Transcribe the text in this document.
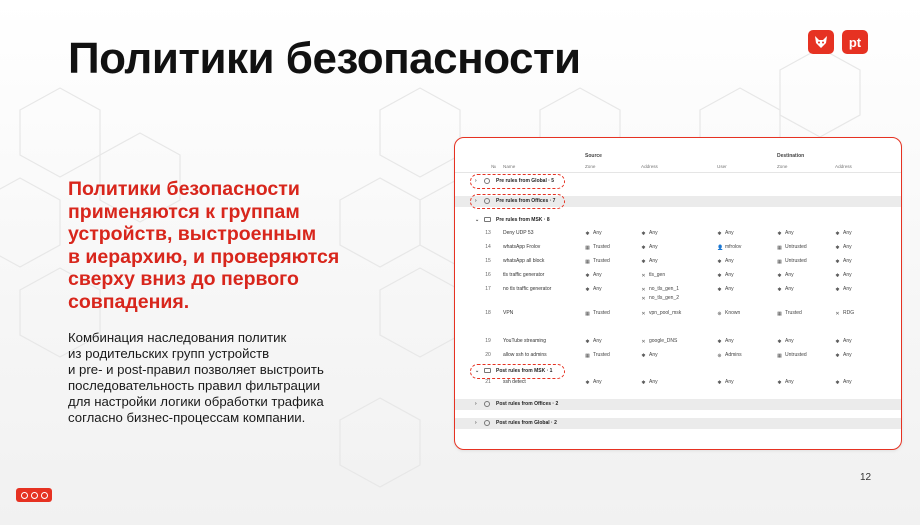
Политики безопасности	pt
Политики безопасности
применяются к группам
устройств, выстроенным
в иерархию, и проверяются
сверху вниз до первого
совпадения.
Комбинация наследования политик
из родительских групп устройств
и pre- и post-правил позволяет выстроить
последовательность правил фильтрации
для настройки логики обработки трафика
согласно бизнес-процессам компании.
Source	Destination
№ Name	Zone	Address	User	Zone	Address
›	Pre rules from Global · 5
›	Pre rules from Offices · 7
⌄	Pre rules from MSK · 8
13	Deny UDP 53	✱ Any	✱ Any	✱ Any	✱ Any	✱ Any
14	whatsApp Frolov	▦ Trusted	✱ Any	👤 mfrolov	▦ Untrusted	✱ Any
15	whatsApp all block	▦ Trusted	✱ Any	✱ Any	▦ Untrusted	✱ Any
16	tls traffic generator	✱ Any	✕ tls_gen	✱ Any	✱ Any	✱ Any
17	no tls traffic generator	✱ Any	✕ no_tls_gen_1
✕ no_tls_gen_2
✱ Any	✱ Any	✱ Any
18	VPN	▦ Trusted	✕ vpn_pool_msk	⊕ Known	▦ Trusted	✕ RDG
19	YouTube streaming	✱ Any	✕ google_DNS	✱ Any	✱ Any	✱ Any
20	allow ssh to admins	▦ Trusted	✱ Any	⊕ Admins	▦ Untrusted	✱ Any
21	ssh detect	✱ Any	✱ Any	✱ Any	✱ Any	✱ Any
⌄	Post rules from MSK · 1
›	Post rules from Offices · 2
›	Post rules from Global · 2
12
